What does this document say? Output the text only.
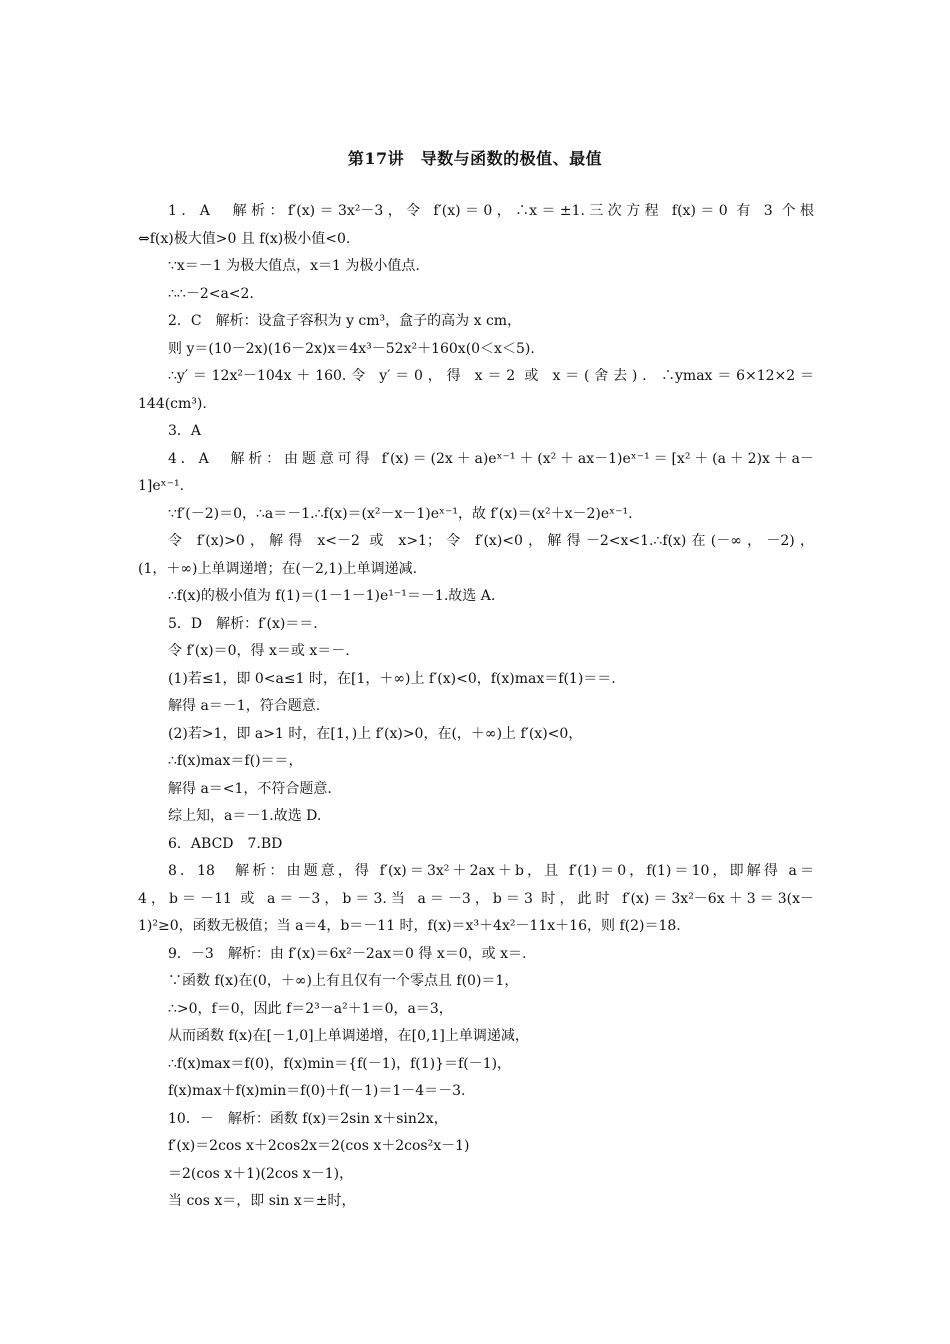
第17讲　导数与函数的极值、最值

1．A　解析：f′(x)＝3x²－3，令 f′(x)＝0，∴x＝±1.三次方程 f(x)＝0 有 3 个根

⇔f(x)极大值>0 且 f(x)极小值<0.

∵x＝－1 为极大值点，x＝1 为极小值点.

∴∴－2<a<2.

2．C　解析：设盒子容积为 y cm³，盒子的高为 x cm，

则 y＝(10－2x)(16－2x)x＝4x³－52x²＋160x(0＜x＜5).

∴y′＝12x²－104x＋160.令 y′＝0，得 x＝2 或 x＝(舍去)．∴ymax＝6×12×2＝

144(cm³).

3．A

4．A　解析：由题意可得 f′(x)＝(2x＋a)eˣ⁻¹＋(x²＋ax－1)eˣ⁻¹＝[x²＋(a＋2)x＋a－

1]eˣ⁻¹.

∵f′(－2)＝0，∴a＝－1.∴f(x)＝(x²－x－1)eˣ⁻¹，故 f′(x)＝(x²＋x－2)eˣ⁻¹.

令 f′(x)>0，解得 x<－2 或 x>1；令 f′(x)<0，解得－2<x<1.∴f(x)在(－∞，－2)，

(1，＋∞)上单调递增；在(－2,1)上单调递减.

∴f(x)的极小值为 f(1)＝(1－1－1)e¹⁻¹＝－1.故选 A.

5．D　解析：f′(x)＝＝.

令 f′(x)＝0，得 x＝或 x＝－.

(1)若≤1，即 0<a≤1 时，在[1，＋∞)上 f′(x)<0，f(x)max＝f(1)＝＝.

解得 a＝－1，符合题意.

(2)若>1，即 a>1 时，在[1，)上 f′(x)>0，在(，＋∞)上 f′(x)<0，

∴f(x)max＝f()＝＝，

解得 a＝<1，不符合题意.

综上知，a＝－1.故选 D.

6．ABCD　7.BD

8．18　解析：由题意，得 f′(x)＝3x²＋2ax＋b，且 f′(1)＝0，f(1)＝10，即解得 a＝

4，b＝－11 或 a＝－3，b＝3.当 a＝－3，b＝3 时，此时 f′(x)＝3x²－6x＋3＝3(x－

1)²≥0，函数无极值；当 a＝4，b＝－11 时，f(x)＝x³＋4x²－11x＋16，则 f(2)＝18.

9．－3　解析：由 f′(x)＝6x²－2ax＝0 得 x＝0，或 x＝.

∵函数 f(x)在(0，＋∞)上有且仅有一个零点且 f(0)＝1，

∴>0，f＝0，因此 f＝2³－a²＋1＝0，a＝3，

从而函数 f(x)在[－1,0]上单调递增，在[0,1]上单调递减，

∴f(x)max＝f(0)，f(x)min＝{f(－1)，f(1)}＝f(－1)，

f(x)max＋f(x)min＝f(0)＋f(－1)＝1－4＝－3.

10．－　解析：函数 f(x)＝2sin x＋sin2x，

f′(x)＝2cos x＋2cos2x＝2(cos x＋2cos²x－1)

＝2(cos x＋1)(2cos x－1)，

当 cos x＝，即 sin x＝±时，
